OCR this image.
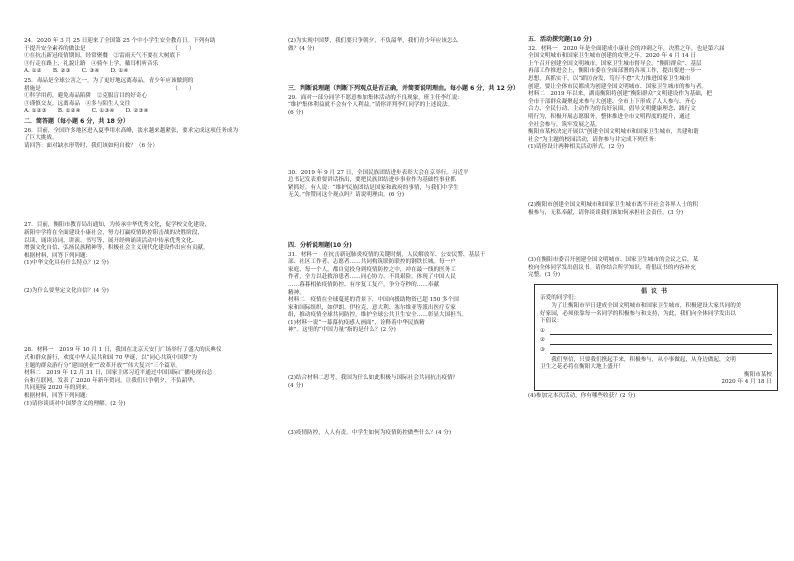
24．2020 年 3 月 25 日迎来了全国第 25 个中小学生安全教育日。下列有助

于提升安全素养的做法是　　　　　　　　　　　　　　　　（　　）

①在抗击新冠疫情期间，经常聚餐　②雷雨天气不要在大树底下

③行走在路上，礼貌让路　④骑车上学，戴耳机听音乐

A. ①②　　B. ②③　　C. ③④　　D. ①④

25．毒品是全球公害之一。为了更好地远离毒品，青少年应该做到的

措施是　　　　　　　　　　　　　　　　　　　　　　　　（　　）

①科学用药，避免毒品陷阱　②克服盲目的好奇心

③谨慎交友，远离毒品　④多与陌生人交往

A. ①②③　　B. ①②④　　C. ①③④　　D. ②③④

二．简答题（每小题 6 分，共 18 分）

26．目前，全国许多地区进入夏季用水高峰，淡水越来越紧张，要求完成这项任务成为

了巨大挑战。

请回答：面对缺水形势时，我们该如何自救？（6 分）

27．目前，衡阳市教育局出通知，为传承中华优秀文化，促学校文化建设，

新阳中学将在全面建设小康社会，努力打赢疫情防控阻击战的决胜阶段，

以读、诵读诗词、讲演、书写等，展开经典诵读活动中传承优秀文化、

增强文化自信、弘扬民族精神等，积极社会主义现代化建设作出应有贡献。

根据材料，回答下列问题：

(1)中华文化具有什么特点？(2 分)

(2)为什么要坚定文化自信？(4 分)

28．材料一　2019 年 10 月 1 日，我国在北京天安门广场举行了盛大的庆典仪

式和群众游行，欢度中华人民共和国 70 华诞，以“同心共筑中国梦”为

主题的群众游行分“建国创业”“改革开放”“伟大复兴”三个篇章。

材料二　2019 年 12 月 31 日，国家主席习近平通过中国国际广播电视台总

台和互联网，发表了 2020 年新年贺词，让我们只争朝夕，不负韶华，

共同迎接 2020 年的到来。

根据材料，回答下列问题：

(1)请你谈谈对中国梦含义的理解。(2 分)

(2)为实现中国梦，我们要只争朝夕，不负韶华，我们青少年应该怎么

做？(4 分)

三．判断说理题（判断下列观点是否正确，并简要说明理由。每小题 6 分，共 12 分）

29．面对一部分同学不愿意参加集体活动的不良现象，班主任李红说：

“维护集体利益就不会有个人利益。”请你评判李红同学的上述说法。

(6 分)

30．2019 年 9 月 27 日，全国民族团结进步表彰大会在京举行。习近平

总书记发表重要讲话指出，要把民族团结进步事业作为基础性事业抓

紧抓好。有人说：“维护民族团结是国家和政府的事情，与我们中学生

无关。”你赞同这个观点吗？请说明理由。(6 分)

四．分析说理题(10 分)

31．材料一　在抗击新冠肺炎疫情的关键时刻，人民解放军、公安民警、基层干

部、社区工作者、志愿者……共同构筑联防联控的钢铁长城。每一户

家庭、每一个人，都自觉投身到疫情防控之中，冲在最一线的医务工

作者，全力以赴救治患者……同心协力、不畏艰险，体现了中国人民

……暮暮相依疫情防控、有序复工复产，争分夺秒的……奉献

精神。

材料二　疫情在全球蔓延的背景下，中国向援助物资已超 150 多个国

家和国际组织，如伊朗、伊拉克、意大利、塞尔维亚等派出医疗专家

组，推动疫情全球共同防控，维护全球公共卫生安全……彰显大国担当。

(1)材料一说“一幕幕抗疫感人画面”，诠释着中华民族精

神”。这里的“中国力量”指的是什么？(2 分)

(2)结合材料二思考，我国为什么如此积极与国际社会共同抗击疫情？

(4 分)

(3)疫情防控，人人有责。中学生如何为疫情防控做些什么？(4 分)

五．活动探究题(10 分)

32．材料一　2020 年是全面建成小康社会的冲刺之年，决胜之年，也是第六届

全国文明城市和国家卫生城市创建的攻坚之年。2020 年 4 月 14 日

上午召开创建全国文明城市，国家卫生城市督导会，“衡阳群众”、基层

再部工作推进会上，衡阳市委在全面部署的各项工作，提出要进一步一

思想，真抓实干，以“蹈厉奋发，笃行不怠”大力推进国家卫生城市

创建，要让全体市民都成为创建全国文明城市、国家卫生城市的参与者。

材料二　2019 年以来，湖南衡阳将创建“衡阳群众”文明建设作为基础，把

全市干部群众凝聚起来参与大创建、全市上下形成了人人参与、齐心

合力、全民行动、主动作为的良好氛围，倡导文明健康理念、践行文

明行为，积极开展志愿服务，整体推进全市文明程度的提升，通过

全社会参与，筑牢发展之基。

衡阳市某校决定开展以“创建全国文明城市和国家卫生城市，共建和谐

社会”为主题的校园活动，请你参与并完成下列任务：

(1)请你设计两种相关活动形式。(2 分)

(2)衡阳市创建全国文明城市和国家卫生城市离不开社会各界人士的积

极参与，无私奉献，请你谈谈我们该如何承担社会责任。(3 分)

(3)在衡阳市委召开创建全国文明城市、国家卫生城市的会议之后，某

校向全体同学发出倡议书。请你结合所学知识，将倡议书的内容补充

完整。(3 分)

倡议书

亲爱的同学们：

　　为了让衡阳市早日建成全国文明城市和国家卫生城市，积极建设大家共同的美

好家园，必须依靠每一名同学的积极参与和支持，为此，我们向全体同学发出以

下倡议：

①
②
③

　　我们坚信，只要我们携起手来，积极参与，从小事做起，从身边做起，文明

卫生之花必将在衡阳大地上盛开！

衡阳市某校

2020 年 4 月 18 日

(4)参加完本次活动，你有哪些收获？(2 分)
